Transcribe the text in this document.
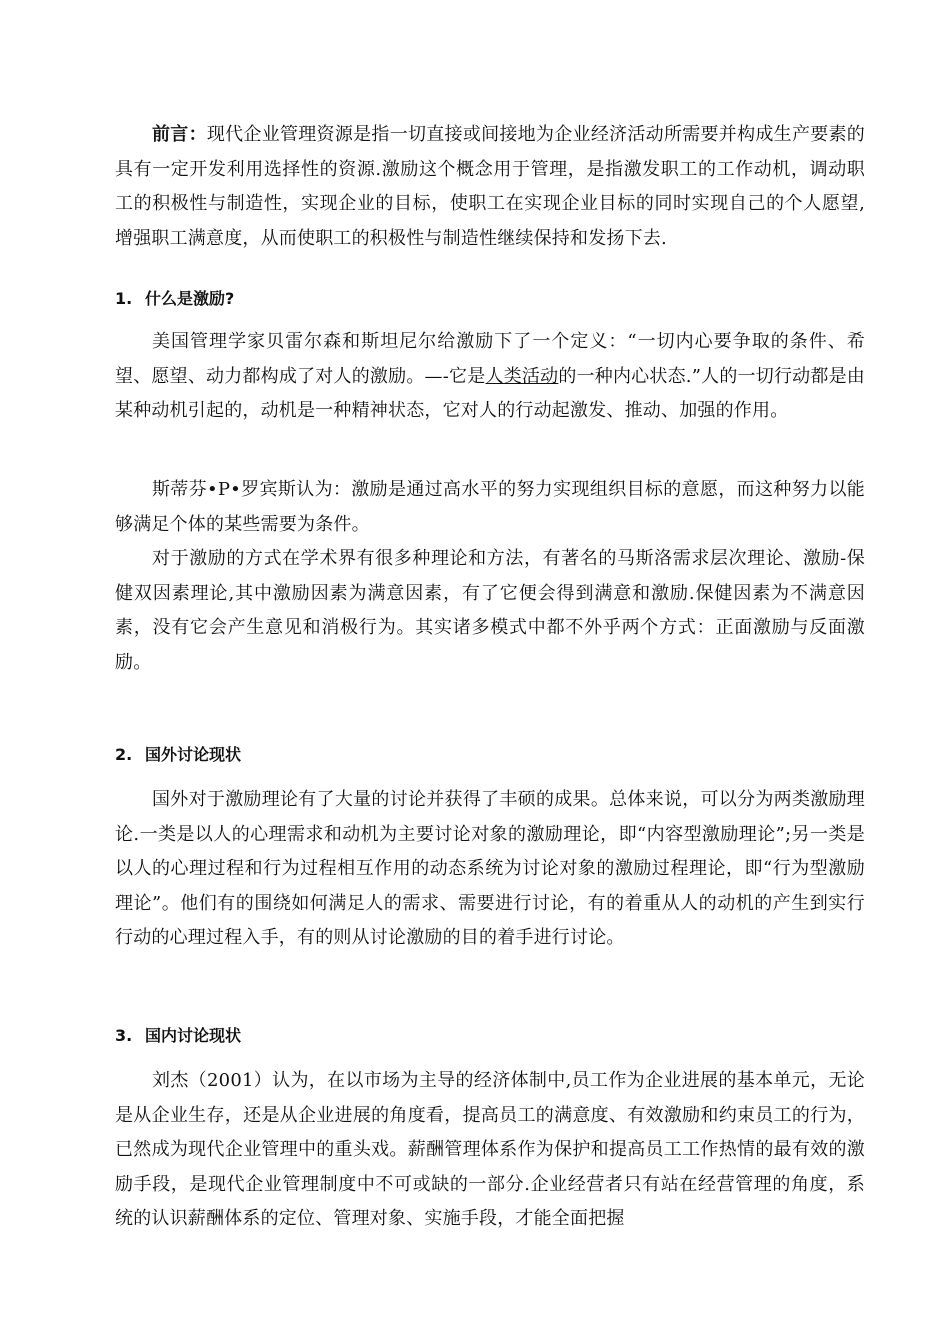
前言：现代企业管理资源是指一切直接或间接地为企业经济活动所需要并构成生产要素的具有一定开发利用选择性的资源.激励这个概念用于管理，是指激发职工的工作动机，调动职工的积极性与制造性，实现企业的目标，使职工在实现企业目标的同时实现自己的个人愿望,增强职工满意度，从而使职工的积极性与制造性继续保持和发扬下去.

1. 什么是激励?

美国管理学家贝雷尔森和斯坦尼尔给激励下了一个定义：“一切内心要争取的条件、希望、愿望、动力都构成了对人的激励。—-它是人类活动的一种内心状态.”人的一切行动都是由某种动机引起的，动机是一种精神状态，它对人的行动起激发、推动、加强的作用。

斯蒂芬•P•罗宾斯认为：激励是通过高水平的努力实现组织目标的意愿，而这种努力以能够满足个体的某些需要为条件。

对于激励的方式在学术界有很多种理论和方法，有著名的马斯洛需求层次理论、激励-保健双因素理论,其中激励因素为满意因素，有了它便会得到满意和激励.保健因素为不满意因素，没有它会产生意见和消极行为。其实诸多模式中都不外乎两个方式：正面激励与反面激励。

2. 国外讨论现状

国外对于激励理论有了大量的讨论并获得了丰硕的成果。总体来说，可以分为两类激励理论.一类是以人的心理需求和动机为主要讨论对象的激励理论，即“内容型激励理论”;另一类是以人的心理过程和行为过程相互作用的动态系统为讨论对象的激励过程理论，即“行为型激励理论”。他们有的围绕如何满足人的需求、需要进行讨论，有的着重从人的动机的产生到实行行动的心理过程入手，有的则从讨论激励的目的着手进行讨论。

3. 国内讨论现状

刘杰（2001）认为，在以市场为主导的经济体制中,员工作为企业进展的基本单元，无论是从企业生存，还是从企业进展的角度看，提高员工的满意度、有效激励和约束员工的行为，已然成为现代企业管理中的重头戏。薪酬管理体系作为保护和提高员工工作热情的最有效的激励手段，是现代企业管理制度中不可或缺的一部分.企业经营者只有站在经营管理的角度，系统的认识薪酬体系的定位、管理对象、实施手段，才能全面把握
